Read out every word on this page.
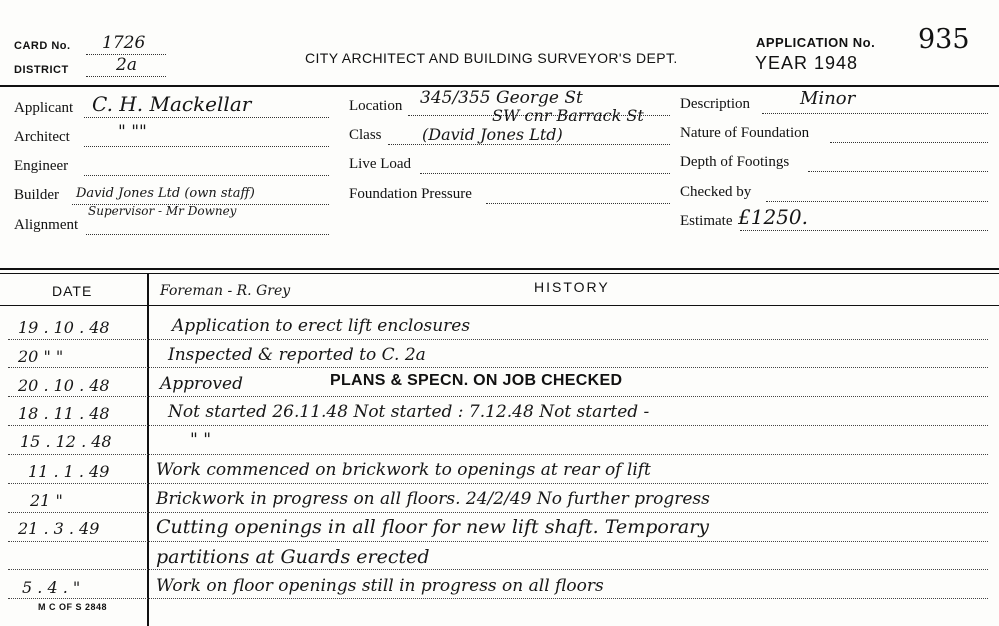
CARD No. 1726
DISTRICT	2a	CITY ARCHITECT AND BUILDING SURVEYOR'S DEPT.
APPLICATION No. 935
YEAR 1948
Applicant C. H. Mackellar
Architect	" ""
Engineer
Builder David Jones Ltd (own staff)
Supervisor - Mr Downey
Alignment
Location 345/355 George St
SW cnr Barrack St
Class	(David Jones Ltd)
Live Load
Foundation Pressure
Description	Minor
Nature of Foundation
Depth of Footings
Checked by
Estimate £1250.
DATE	Foreman - R. Grey	HISTORY
19 . 10 . 48	Application to erect lift enclosures
20 " "	Inspected & reported to C. 2a
20 . 10 . 48	Approved	PLANS & SPECN. ON JOB CHECKED
18 . 11 . 48	Not started 26.11.48 Not started : 7.12.48 Not started -
15 . 12 . 48	" "
11 . 1 . 49	Work commenced on brickwork to openings at rear of lift
21 "	Brickwork in progress on all floors. 24/2/49 No further progress
21 . 3 . 49	Cutting openings in all floor for new lift shaft. Temporary
partitions at Guards erected
5 . 4 . "	Work on floor openings still in progress on all floors
M C OF S 2848
